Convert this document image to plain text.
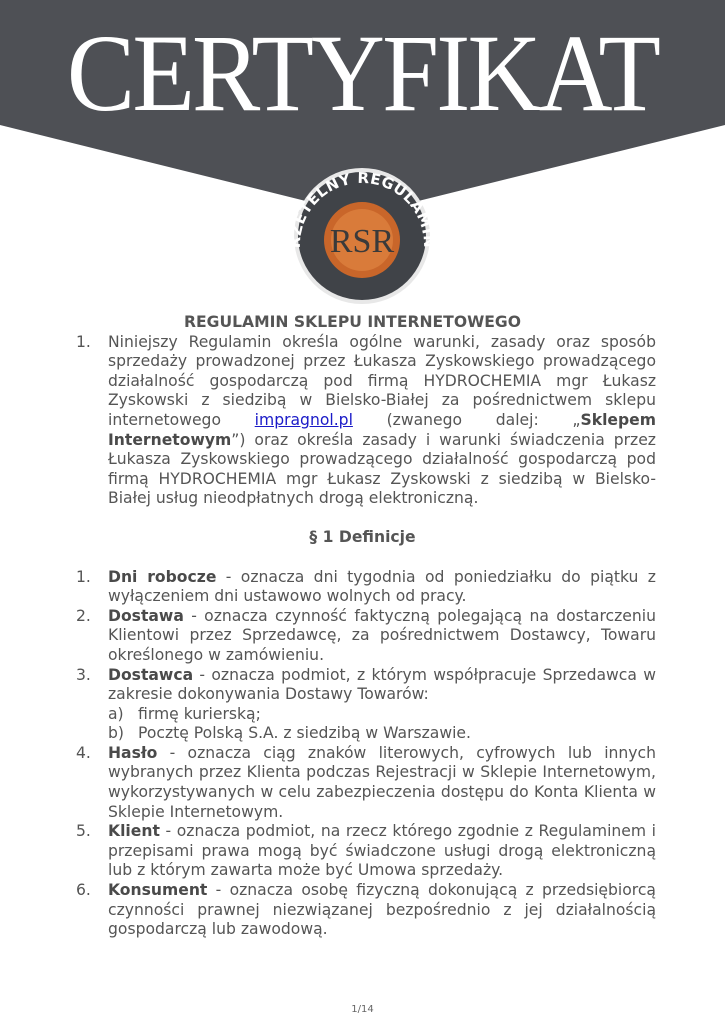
RZETELNY REGULAMIN
RSR
CERTYFIKAT

REGULAMIN SKLEPU INTERNETOWEGO

1.	Niniejszy Regulamin określa ogólne warunki, zasady oraz sposób sprzedaży prowadzonej przez Łukasza Zyskowskiego prowadzącego działalność gospodarczą pod firmą HYDROCHEMIA mgr Łukasz Zyskowski z siedzibą w Bielsko-Białej za pośrednictwem sklepu internetowego impragnol.pl (zwanego dalej: „Sklepem Internetowym”) oraz określa zasady i warunki świadczenia przez Łukasza Zyskowskiego prowadzącego działalność gospodarczą pod firmą HYDROCHEMIA mgr Łukasz Zyskowski z siedzibą w Bielsko-Białej usług nieodpłatnych drogą elektroniczną.

§ 1 Definicje

1.	Dni robocze - oznacza dni tygodnia od poniedziałku do piątku z wyłączeniem dni ustawowo wolnych od pracy.
2.	Dostawa - oznacza czynność faktyczną polegającą na dostarczeniu Klientowi przez Sprzedawcę, za pośrednictwem Dostawcy, Towaru określonego w zamówieniu.
3.	Dostawca - oznacza podmiot, z którym współpracuje Sprzedawca w zakresie dokonywania Dostawy Towarów:
a) firmę kurierską;
b) Pocztę Polską S.A. z siedzibą w Warszawie.
4.	Hasło - oznacza ciąg znaków literowych, cyfrowych lub innych wybranych przez Klienta podczas Rejestracji w Sklepie Internetowym, wykorzystywanych w celu zabezpieczenia dostępu do Konta Klienta w Sklepie Internetowym.
5.	Klient - oznacza podmiot, na rzecz którego zgodnie z Regulaminem i przepisami prawa mogą być świadczone usługi drogą elektroniczną lub z którym zawarta może być Umowa sprzedaży.
6.	Konsument - oznacza osobę fizyczną dokonującą z przedsiębiorcą czynności prawnej niezwiązanej bezpośrednio z jej działalnością gospodarczą lub zawodową.
1/14
